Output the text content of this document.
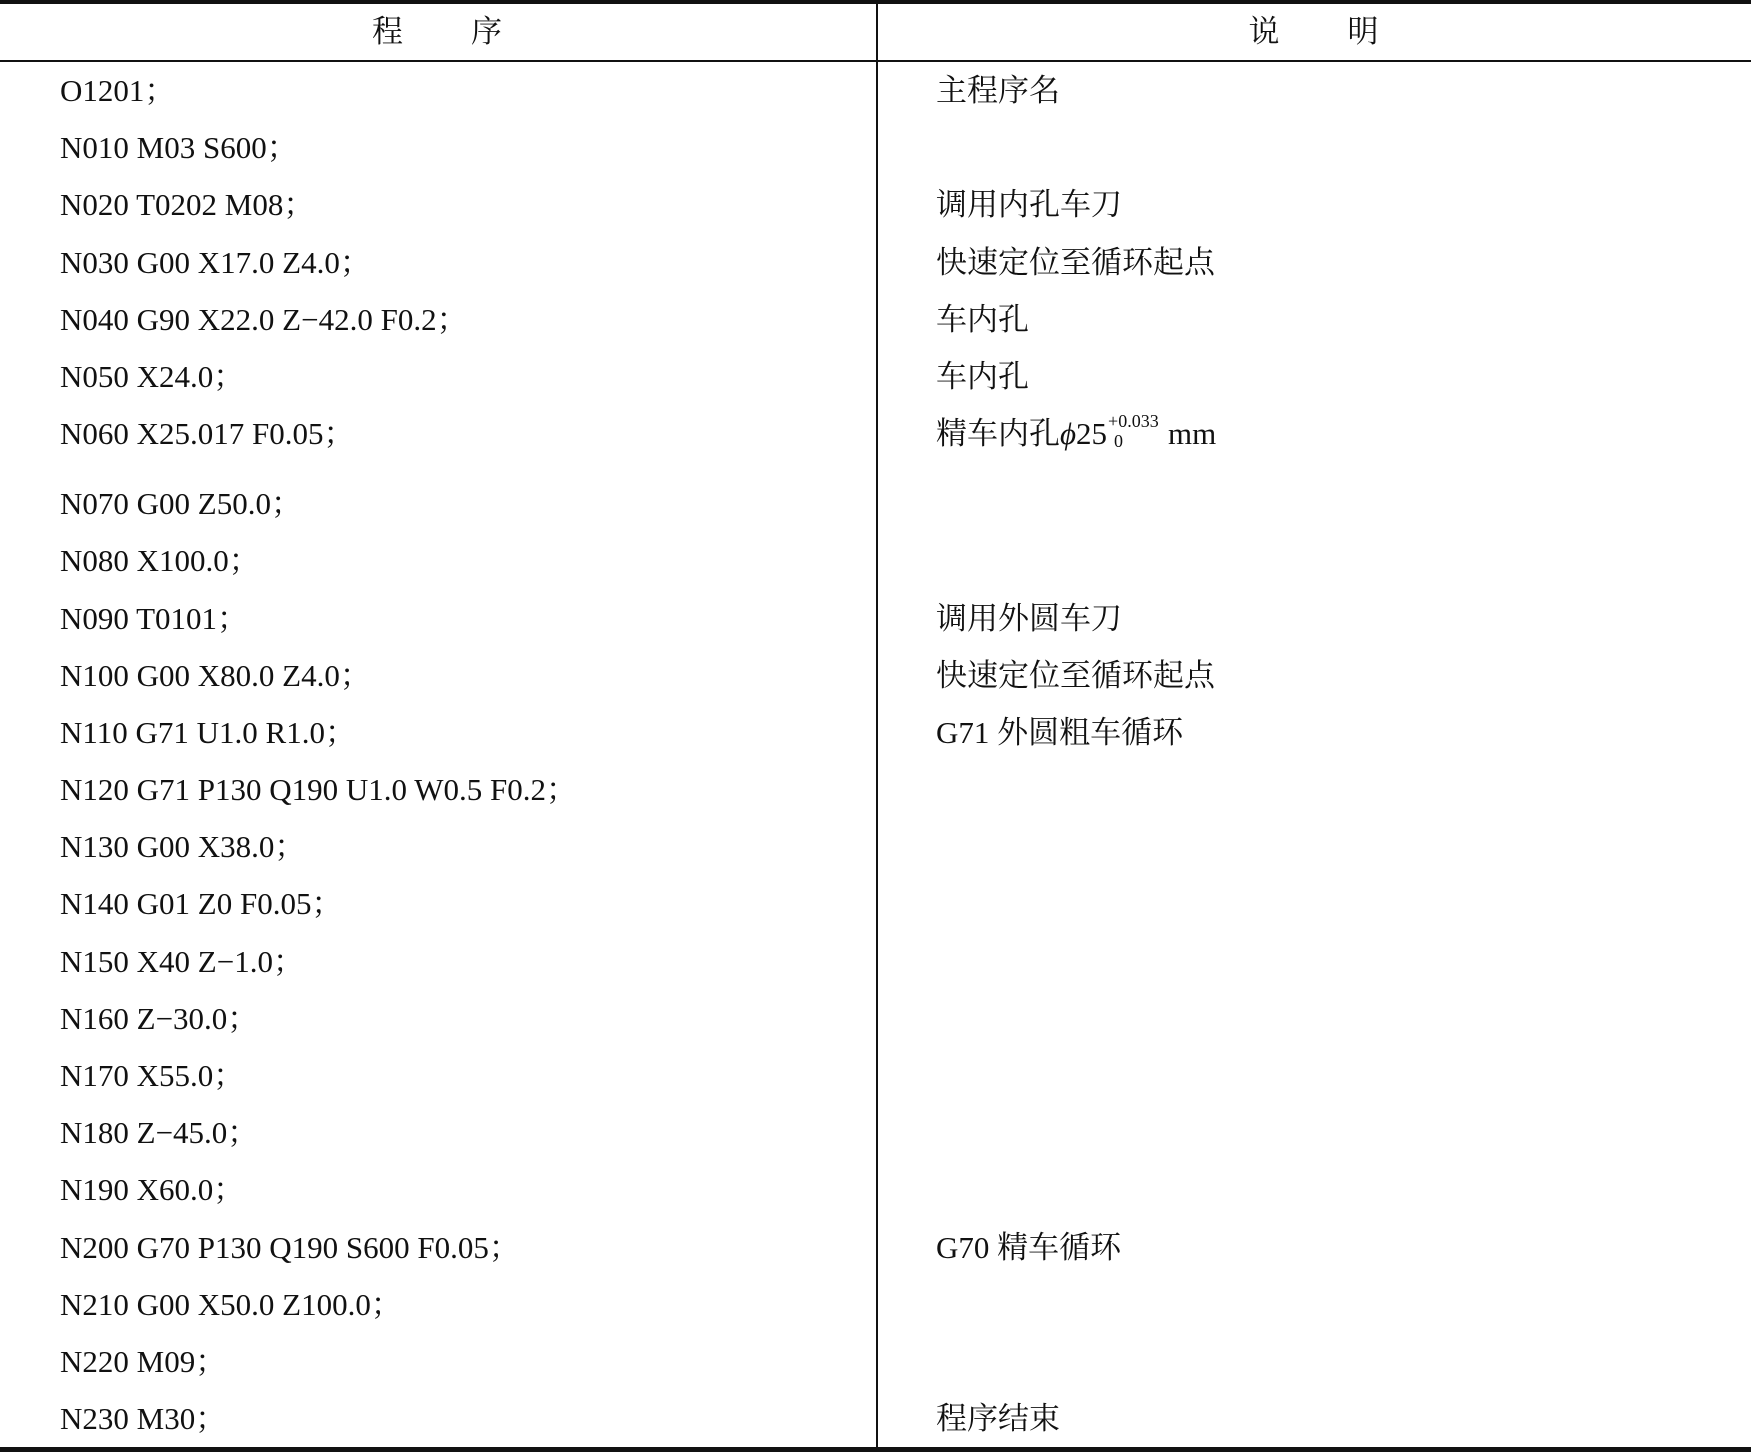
程　　序	说　　明
O1201；	主程序名
N010 M03 S600；
N020 T0202 M08；	调用内孔车刀
N030 G00 X17.0 Z4.0；	快速定位至循环起点
N040 G90 X22.0 Z−42.0 F0.2；	车内孔
N050 X24.0；	车内孔
N060 X25.017 F0.05；	精车内孔ϕ25 +0.033
0 mm
N070 G00 Z50.0；
N080 X100.0；
N090 T0101；	调用外圆车刀
N100 G00 X80.0 Z4.0；	快速定位至循环起点
N110 G71 U1.0 R1.0；	G71 外圆粗车循环
N120 G71 P130 Q190 U1.0 W0.5 F0.2；
N130 G00 X38.0；
N140 G01 Z0 F0.05；
N150 X40 Z−1.0；
N160 Z−30.0；
N170 X55.0；
N180 Z−45.0；
N190 X60.0；
N200 G70 P130 Q190 S600 F0.05；	G70 精车循环
N210 G00 X50.0 Z100.0；
N220 M09；
N230 M30；	程序结束
